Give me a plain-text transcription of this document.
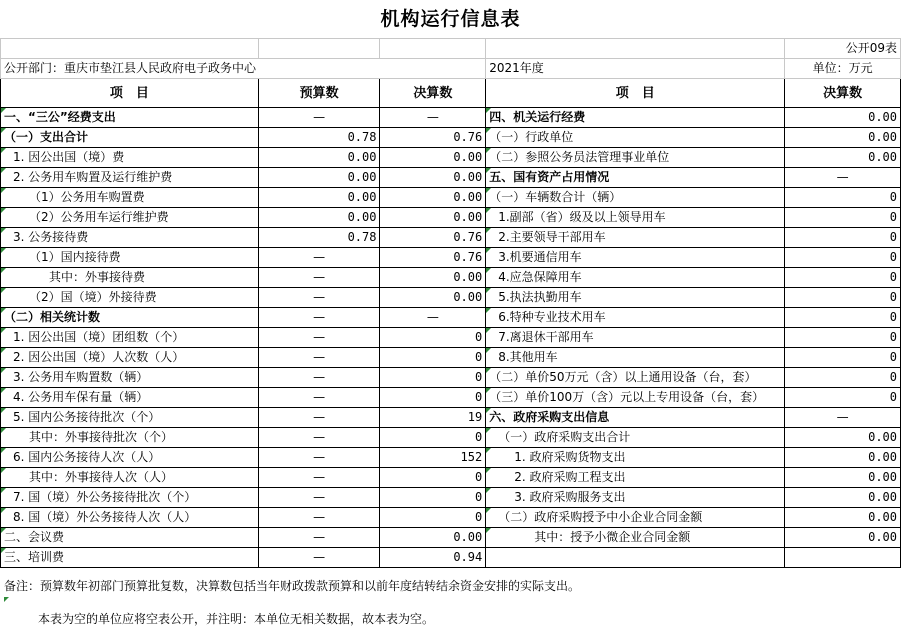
机构运行信息表
				公开09表
公开部门：重庆市垫江县人民政府电子政务中心			2021年度	单位：万元
项　目	预算数	决算数	项　目	决算数
一、“三公”经费支出	—	—	四、机关运行经费	0.00
（一）支出合计	0.78	0.76	（一）行政单位	0.00
1. 因公出国（境）费	0.00	0.00	（二）参照公务员法管理事业单位	0.00
2. 公务用车购置及运行维护费	0.00	0.00	五、国有资产占用情况	—
（1）公务用车购置费	0.00	0.00	（一）车辆数合计（辆）	0
（2）公务用车运行维护费	0.00	0.00	1.副部（省）级及以上领导用车	0
3. 公务接待费	0.78	0.76	2.主要领导干部用车	0
（1）国内接待费	—	0.76	3.机要通信用车	0
其中：外事接待费	—	0.00	4.应急保障用车	0
（2）国（境）外接待费	—	0.00	5.执法执勤用车	0
（二）相关统计数	—	—	6.特种专业技术用车	0
1. 因公出国（境）团组数（个）	—	0	7.离退休干部用车	0
2. 因公出国（境）人次数（人）	—	0	8.其他用车	0
3. 公务用车购置数（辆）	—	0	（二）单价50万元（含）以上通用设备（台，套）	0
4. 公务用车保有量（辆）	—	0	（三）单价100万（含）元以上专用设备（台，套）	0
5. 国内公务接待批次（个）	—	19	六、政府采购支出信息	—
其中：外事接待批次（个）	—	0	（一）政府采购支出合计	0.00
6. 国内公务接待人次（人）	—	152	1. 政府采购货物支出	0.00
其中：外事接待人次（人）	—	0	2. 政府采购工程支出	0.00
7. 国（境）外公务接待批次（个）	—	0	3. 政府采购服务支出	0.00
8. 国（境）外公务接待人次（人）	—	0	（二）政府采购授予中小企业合同金额	0.00
二、会议费	—	0.00	其中：授予小微企业合同金额	0.00
三、培训费	—	0.94		
备注：预算数年初部门预算批复数，决算数包括当年财政拨款预算和以前年度结转结余资金安排的实际支出。
本表为空的单位应将空表公开，并注明：本单位无相关数据，故本表为空。
